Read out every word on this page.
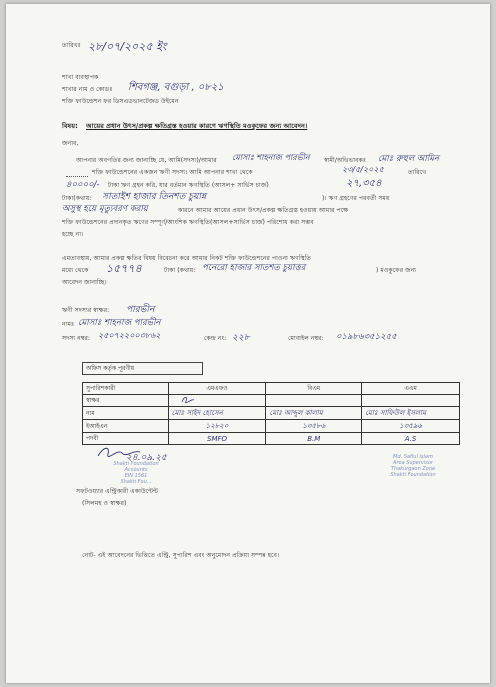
তারিখঃ ২৮/০৭/২০২৫ ইং
শাখা ব্যবস্থাপক
শাখার নাম ও কোডঃ শিবগঞ্জ, বগুড়া , ০৮২১
শক্তি ফাউন্ডেশন ফর ডিসএডভানটেজড উইমেন
বিষয়: আয়ের প্রধান উৎস/প্রকল্প ক্ষতিগ্রস্ত হওয়ার কারণে ঋণস্থিতি মওকুফের জন্য আবেদন।
জনাব,
আপনার অবগতির জন্য জানাচ্ছি যে, আমি(সদস্য)/আমার মোসাঃ শাহনাজ পারভীন স্বামী/অভিভাবকঃ মোঃ রুহুল আমিন
শক্তি ফাউন্ডেশনের একজন ঋণী সদস্য। আমি আপনার শাখা থেকে	২৩/৫/২০২৫	তারিখে
৪০০০০/- টাকা ঋণ গ্রহন করি, যার বর্তমান ঋণস্থিতি (আসল+ সার্ভিস চার্জ)	২৭,৩৫৪
টাকা(কথায়: সাতাইশ হাজার তিনশত চুয়ান্ন	)। ঋণ গ্রহণের পরবর্তী সময়
অসুস্থ হয়ে মৃত্যুবরণ করায়	কারনে আমার আয়ের প্রধান উৎস/প্রকল্প ক্ষতিগ্রস্ত হওয়ায় আমার পক্ষে
শক্তি ফাউন্ডেশনের প্রদানকৃত ঋণের সম্পূর্ণ/আংশিক ঋণস্থিতি(আসল+সার্ভিস চার্জ) পরিশোধ করা সম্ভব
হচ্ছে না।
এমতাবস্থায়, আমার প্রকল্প ক্ষতির বিষয় বিবেচনা করে আমার নিকট শক্তি ফাউন্ডেশনের পাওনা ঋণস্থিতি
মধ্যে থেকে ১৫৭৭৪	টাকা (কথায়: পনেরো হাজার সাতশত চুয়াত্তর	) মওকুফের জন্য
আবেদন জানাচ্ছি।
ঋণী সদস্যর স্বাক্ষর: পারভীন
নামঃ মোসাঃ শাহনাজ পারভীন
সদস্য নম্বর: ২৫০৭২২০০৩৮৬২	কেন্দ্র নং: ২২৮	মোবাইল নম্বর: ০১৯৮৬৩৫১২৫৫
অফিস কর্তৃক পূরণীয়
সুপারিশকারী	এমএফও	বিএম	এএম
স্বাক্ষর			
নাম	মোঃ সাইদ হোসেন	মোঃ আব্দুল কালাম	মোঃ সাফিউল ইসলাম
ইআইএন	১২৮২০	১৩৫৮৬	১৩৫৯৬
পদবী	SMFO	B.M	A.S
২৪.০৯.২৫
Shakti Foundation
Accounts
EIN 1561
Shakti Fou...
Md. Safiul Islam
Area Supervisor
Thakurgaon Zone
Shakti Foundation
সফটওয়্যার এন্ট্রিকারী একাউন্টেন্ট
(সিলমহ ও স্বাক্ষর)
নোট- এই আবেদনের ভিত্তিতে এন্ট্রি, সুপারিশ এবং অনুমোদন প্রক্রিয়া সম্পন্ন হবে।
